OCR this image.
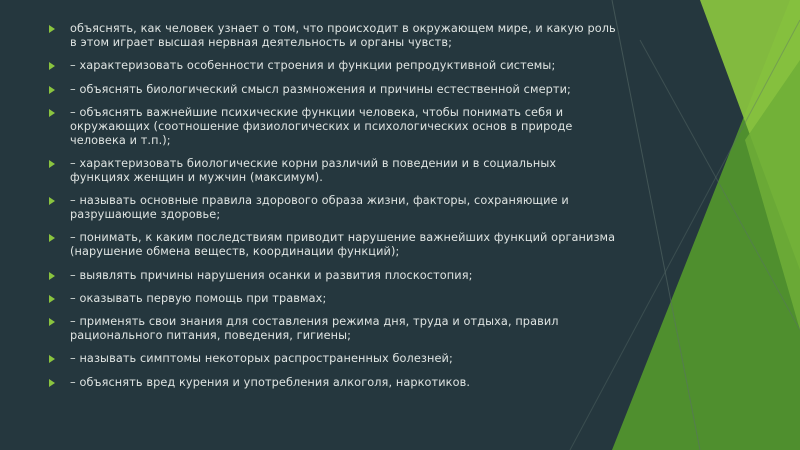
объяснять, как человек узнает о том, что происходит в окружающем мире, и какую роль в этом играет высшая нервная деятельность и органы чувств;
– характеризовать особенности строения и функции репродуктивной системы;
– объяснять биологический смысл размножения и причины естественной смерти;
– объяснять важнейшие психические функции человека, чтобы понимать себя и окружающих (соотношение физиологических и психологических основ в природе человека и т.п.);
– характеризовать биологические корни различий в поведении и в социальных функциях женщин и мужчин (максимум).
– называть основные правила здорового образа жизни, факторы, сохраняющие и разрушающие здоровье;
– понимать, к каким последствиям приводит нарушение важнейших функций организма (нарушение обмена веществ, координации функций);
– выявлять причины нарушения осанки и развития плоскостопия;
– оказывать первую помощь при травмах;
– применять свои знания для составления режима дня, труда и отдыха, правил рационального питания, поведения, гигиены;
– называть симптомы некоторых распространенных болезней;
– объяснять вред курения и употребления алкоголя, наркотиков.
